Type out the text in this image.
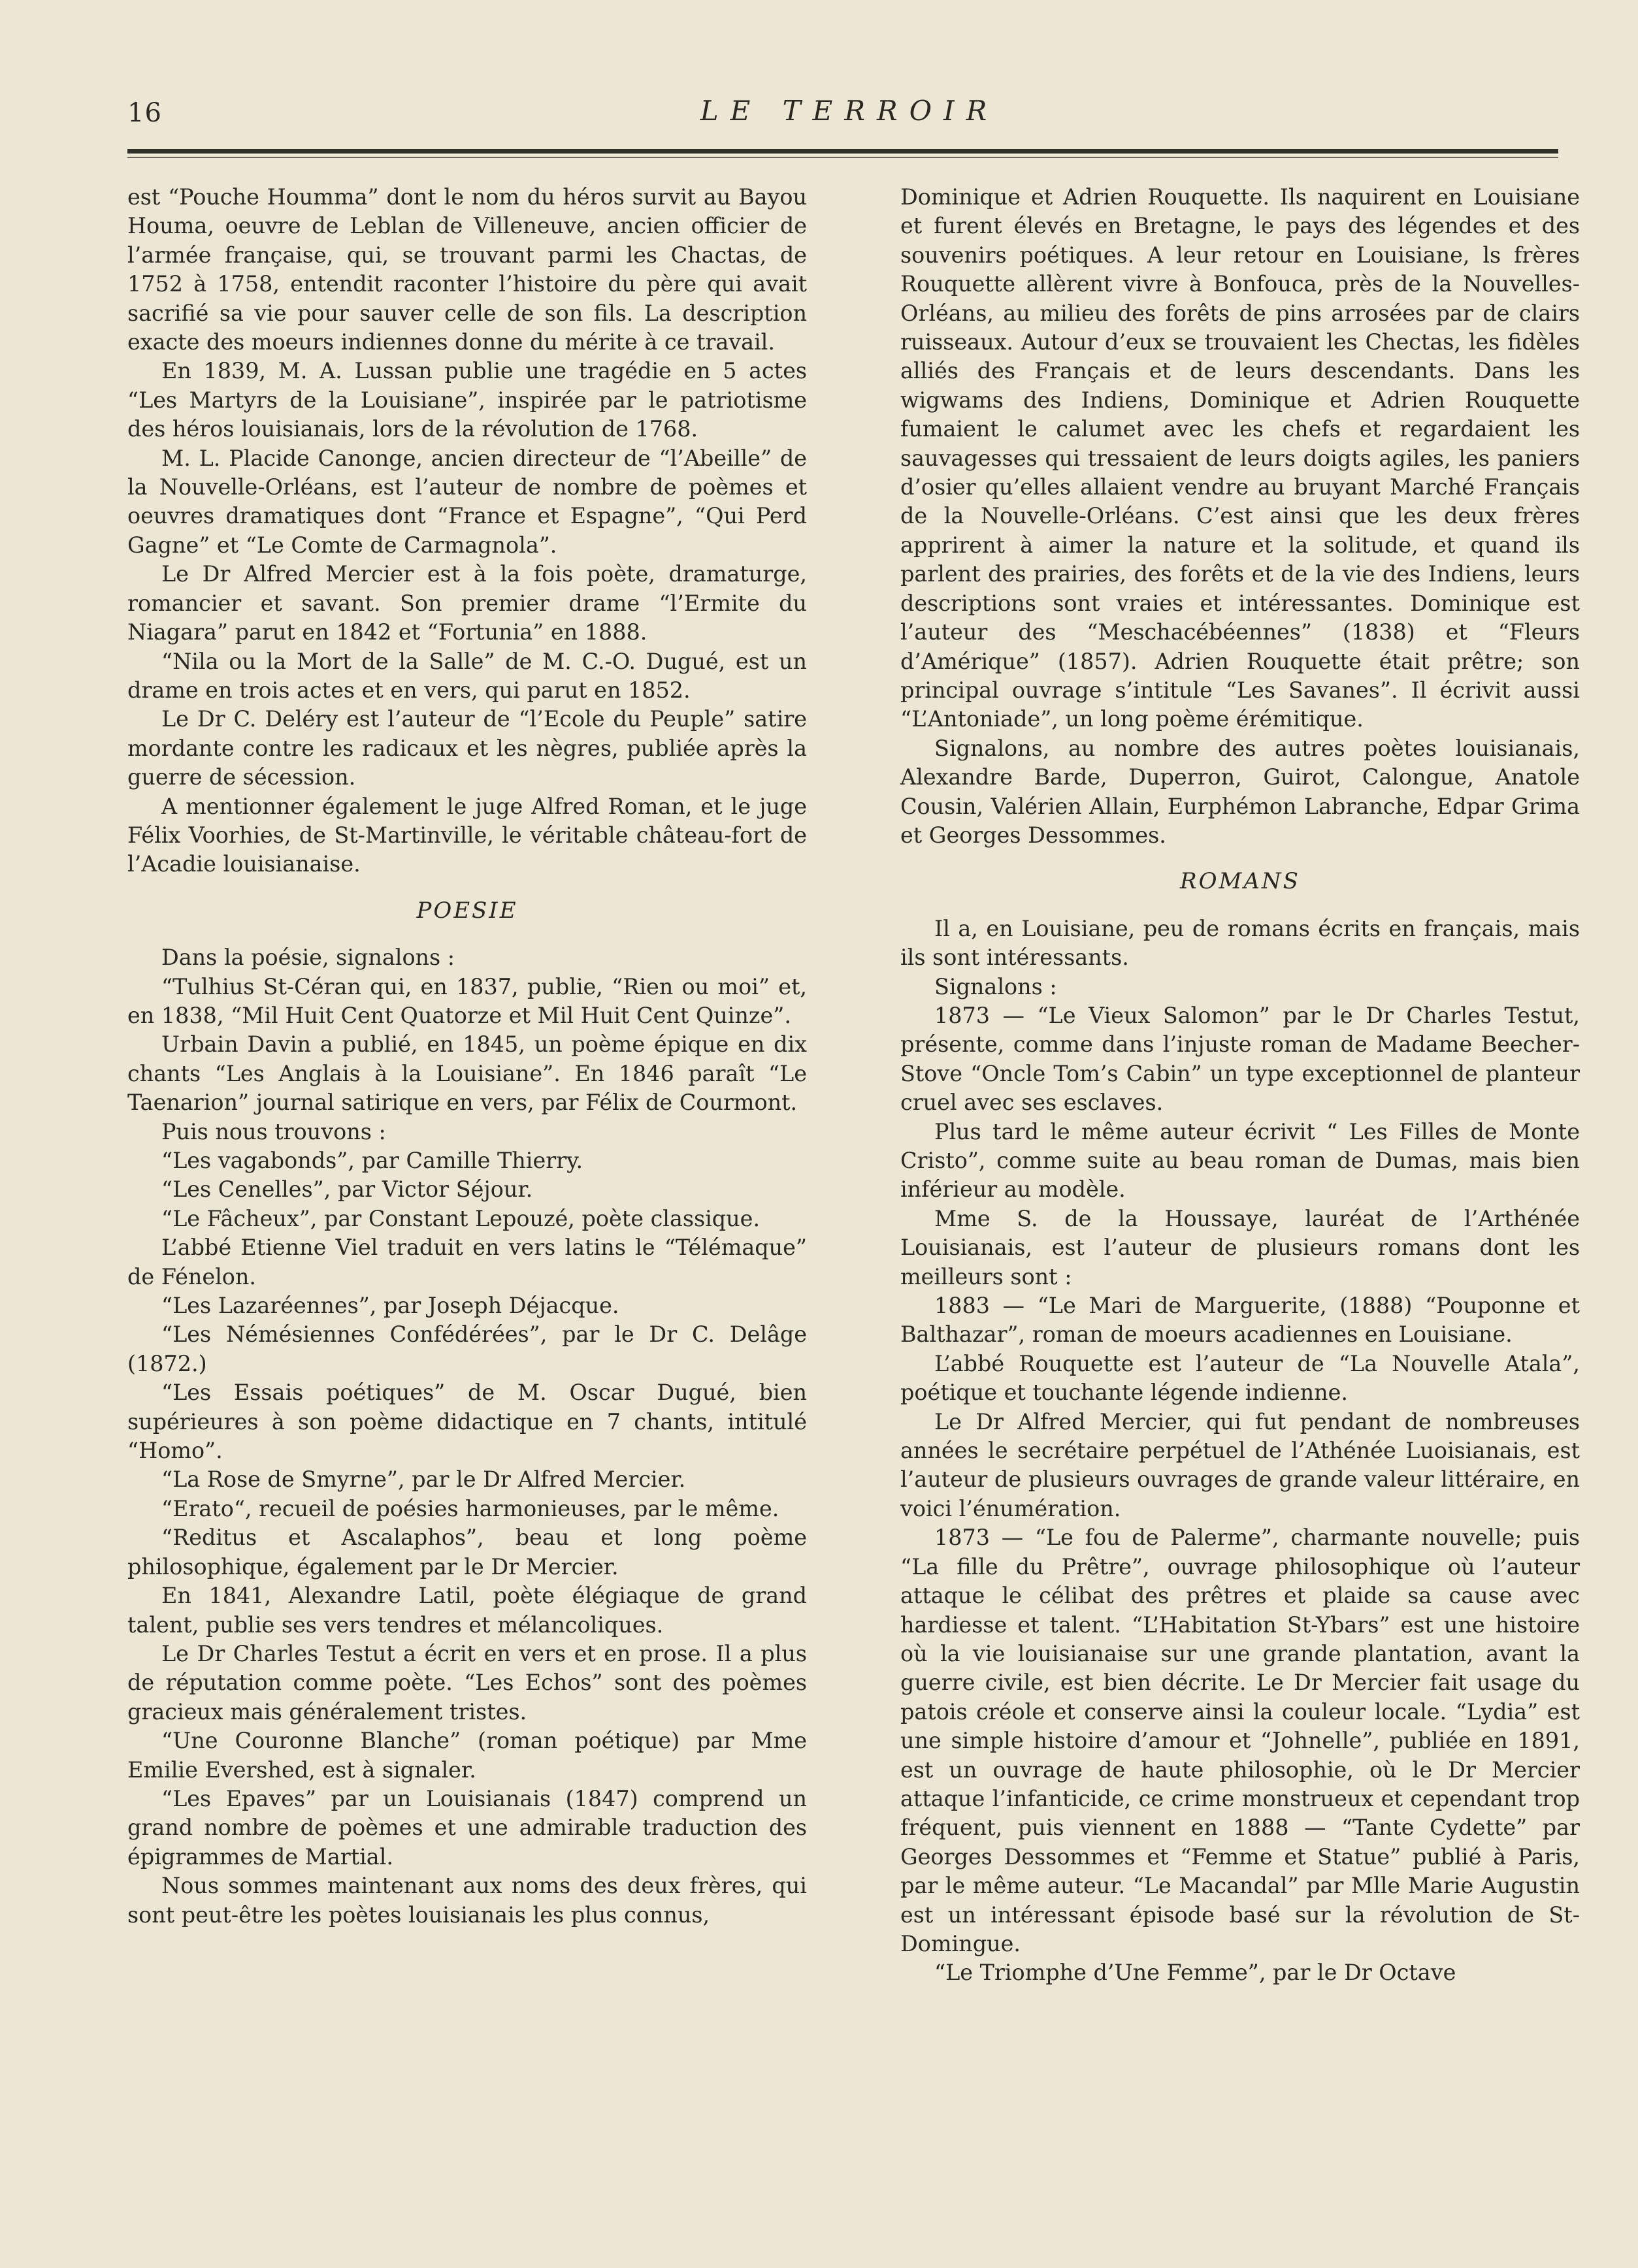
16	LE TERROIR

est “Pouche Houmma” dont le nom du héros survit au Bayou Houma, oeuvre de Leblan de Villeneuve, ancien officier de l’armée française, qui, se trouvant parmi les Chactas, de 1752 à 1758, entendit raconter l’histoire du père qui avait sacrifié sa vie pour sauver celle de son fils. La description exacte des moeurs indiennes donne du mérite à ce travail.

En 1839, M. A. Lussan publie une tragédie en 5 actes “Les Martyrs de la Louisiane”, inspirée par le patriotisme des héros louisianais, lors de la révolution de 1768.

M. L. Placide Canonge, ancien directeur de “l’Abeille” de la Nouvelle-Orléans, est l’auteur de nombre de poèmes et oeuvres dramatiques dont “France et Espagne”, “Qui Perd Gagne” et “Le Comte de Carmagnola”.

Le Dr Alfred Mercier est à la fois poète, dramaturge, romancier et savant. Son premier drame “l’Ermite du Niagara” parut en 1842 et “Fortunia” en 1888.

“Nila ou la Mort de la Salle” de M. C.-O. Dugué, est un drame en trois actes et en vers, qui parut en 1852.

Le Dr C. Deléry est l’auteur de “l’Ecole du Peuple” satire mordante contre les radicaux et les nègres, publiée après la guerre de sécession.

A mentionner également le juge Alfred Roman, et le juge Félix Voorhies, de St-Martinville, le véritable château-fort de l’Acadie louisianaise.

POESIE

Dans la poésie, signalons :

“Tulhius St-Céran qui, en 1837, publie, “Rien ou moi” et, en 1838, “Mil Huit Cent Quatorze et Mil Huit Cent Quinze”.

Urbain Davin a publié, en 1845, un poème épique en dix chants “Les Anglais à la Louisiane”. En 1846 paraît “Le Taenarion” journal satirique en vers, par Félix de Courmont.

Puis nous trouvons :

“Les vagabonds”, par Camille Thierry.

“Les Cenelles”, par Victor Séjour.

“Le Fâcheux”, par Constant Lepouzé, poète classique.

L’abbé Etienne Viel traduit en vers latins le “Télémaque” de Fénelon.

“Les Lazaréennes”, par Joseph Déjacque.

“Les Némésiennes Confédérées”, par le Dr C. Delâge (1872.)

“Les Essais poétiques” de M. Oscar Dugué, bien supérieures à son poème didactique en 7 chants, intitulé “Homo”.

“La Rose de Smyrne”, par le Dr Alfred Mercier.

“Erato“, recueil de poésies harmonieuses, par le même.

“Reditus et Ascalaphos”, beau et long poème philosophique, également par le Dr Mercier.

En 1841, Alexandre Latil, poète élégiaque de grand talent, publie ses vers tendres et mélancoliques.

Le Dr Charles Testut a écrit en vers et en prose. Il a plus de réputation comme poète. “Les Echos” sont des poèmes gracieux mais généralement tristes.

“Une Couronne Blanche” (roman poétique) par Mme Emilie Evershed, est à signaler.

“Les Epaves” par un Louisianais (1847) comprend un grand nombre de poèmes et une admirable traduction des épigrammes de Martial.

Nous sommes maintenant aux noms des deux frères, qui sont peut-être les poètes louisianais les plus connus,

Dominique et Adrien Rouquette. Ils naquirent en Louisiane et furent élevés en Bretagne, le pays des légendes et des souvenirs poétiques. A leur retour en Louisiane, ls frères Rouquette allèrent vivre à Bonfouca, près de la Nouvelles-Orléans, au milieu des forêts de pins arrosées par de clairs ruisseaux. Autour d’eux se trouvaient les Chectas, les fidèles alliés des Français et de leurs descendants. Dans les wigwams des Indiens, Dominique et Adrien Rouquette fumaient le calumet avec les chefs et regardaient les sauvagesses qui tressaient de leurs doigts agiles, les paniers d’osier qu’elles allaient vendre au bruyant Marché Français de la Nouvelle-Orléans. C’est ainsi que les deux frères apprirent à aimer la nature et la solitude, et quand ils parlent des prairies, des forêts et de la vie des Indiens, leurs descriptions sont vraies et intéressantes. Dominique est l’auteur des “Meschacébéennes” (1838) et “Fleurs d’Amérique” (1857). Adrien Rouquette était prêtre; son principal ouvrage s’intitule “Les Savanes”. Il écrivit aussi “L’Antoniade”, un long poème érémitique.

Signalons, au nombre des autres poètes louisianais, Alexandre Barde, Duperron, Guirot, Calongue, Anatole Cousin, Valérien Allain, Eurphémon Labranche, Edpar Grima et Georges Dessommes.

ROMANS

Il a, en Louisiane, peu de romans écrits en français, mais ils sont intéressants.

Signalons :

1873 — “Le Vieux Salomon” par le Dr Charles Testut, présente, comme dans l’injuste roman de Madame Beecher-Stove “Oncle Tom’s Cabin” un type exceptionnel de planteur cruel avec ses esclaves.

Plus tard le même auteur écrivit “ Les Filles de Monte Cristo”, comme suite au beau roman de Dumas, mais bien inférieur au modèle.

Mme S. de la Houssaye, lauréat de l’Arthénée Louisianais, est l’auteur de plusieurs romans dont les meilleurs sont :

1883 — “Le Mari de Marguerite, (1888) “Pouponne et Balthazar”, roman de moeurs acadiennes en Louisiane.

L’abbé Rouquette est l’auteur de “La Nouvelle Atala”, poétique et touchante légende indienne.

Le Dr Alfred Mercier, qui fut pendant de nombreuses années le secrétaire perpétuel de l’Athénée Luoisianais, est l’auteur de plusieurs ouvrages de grande valeur littéraire, en voici l’énumération.

1873 — “Le fou de Palerme”, charmante nouvelle; puis “La fille du Prêtre”, ouvrage philosophique où l’auteur attaque le célibat des prêtres et plaide sa cause avec hardiesse et talent. “L’Habitation St-Ybars” est une histoire où la vie louisianaise sur une grande plantation, avant la guerre civile, est bien décrite. Le Dr Mercier fait usage du patois créole et conserve ainsi la couleur locale. “Lydia” est une simple histoire d’amour et “Johnelle”, publiée en 1891, est un ouvrage de haute philosophie, où le Dr Mercier attaque l’infanticide, ce crime monstrueux et cependant trop fréquent, puis viennent en 1888 — “Tante Cydette” par Georges Dessommes et “Femme et Statue” publié à Paris, par le même auteur. “Le Macandal” par Mlle Marie Augustin est un intéressant épisode basé sur la révolution de St-Domingue.

“Le Triomphe d’Une Femme”, par le Dr Octave
